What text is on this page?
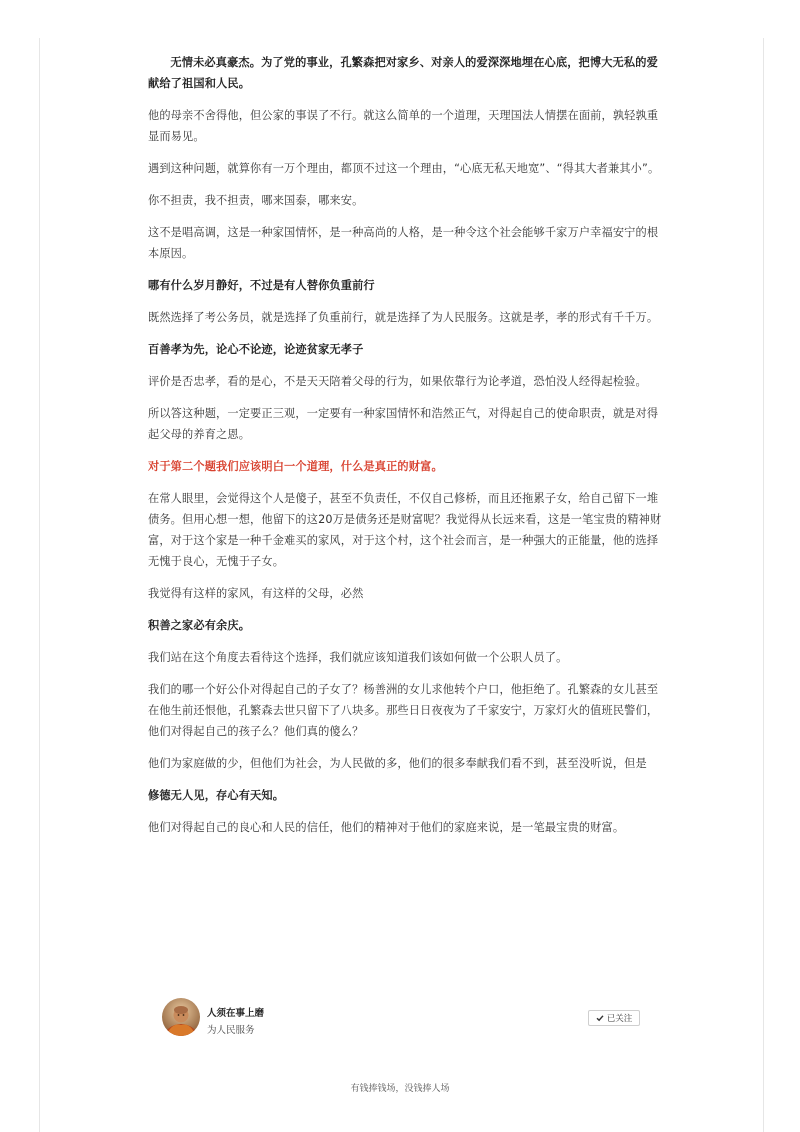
无情未必真豪杰。为了党的事业，孔繁森把对家乡、对亲人的爱深深地埋在心底，把博大无私的爱献给了祖国和人民。

他的母亲不舍得他，但公家的事误了不行。就这么简单的一个道理，天理国法人情摆在面前，孰轻孰重显而易见。

遇到这种问题，就算你有一万个理由，都顶不过这一个理由，“心底无私天地宽”、“得其大者兼其小”。

你不担责，我不担责，哪来国泰，哪来安。

这不是唱高调，这是一种家国情怀，是一种高尚的人格，是一种令这个社会能够千家万户幸福安宁的根本原因。

哪有什么岁月静好，不过是有人替你负重前行

既然选择了考公务员，就是选择了负重前行，就是选择了为人民服务。这就是孝，孝的形式有千千万。

百善孝为先，论心不论迹，论迹贫家无孝子

评价是否忠孝，看的是心，不是天天陪着父母的行为，如果依靠行为论孝道，恐怕没人经得起检验。

所以答这种题，一定要正三观，一定要有一种家国情怀和浩然正气，对得起自己的使命职责，就是对得起父母的养育之恩。

对于第二个题我们应该明白一个道理，什么是真正的财富。

在常人眼里，会觉得这个人是傻子，甚至不负责任，不仅自己修桥，而且还拖累子女，给自己留下一堆债务。但用心想一想，他留下的这20万是债务还是财富呢？我觉得从长远来看，这是一笔宝贵的精神财富，对于这个家是一种千金难买的家风，对于这个村，这个社会而言，是一种强大的正能量，他的选择无愧于良心，无愧于子女。

我觉得有这样的家风，有这样的父母，必然

积善之家必有余庆。

我们站在这个角度去看待这个选择，我们就应该知道我们该如何做一个公职人员了。

我们的哪一个好公仆对得起自己的子女了？杨善洲的女儿求他转个户口，他拒绝了。孔繁森的女儿甚至在他生前还恨他，孔繁森去世只留下了八块多。那些日日夜夜为了千家安宁，万家灯火的值班民警们，他们对得起自己的孩子么？他们真的傻么？

他们为家庭做的少，但他们为社会，为人民做的多，他们的很多奉献我们看不到，甚至没听说，但是

修德无人见，存心有天知。

他们对得起自己的良心和人民的信任，他们的精神对于他们的家庭来说，是一笔最宝贵的财富。

人须在事上磨
为人民服务
已关注
有钱捧钱场，没钱捧人场
